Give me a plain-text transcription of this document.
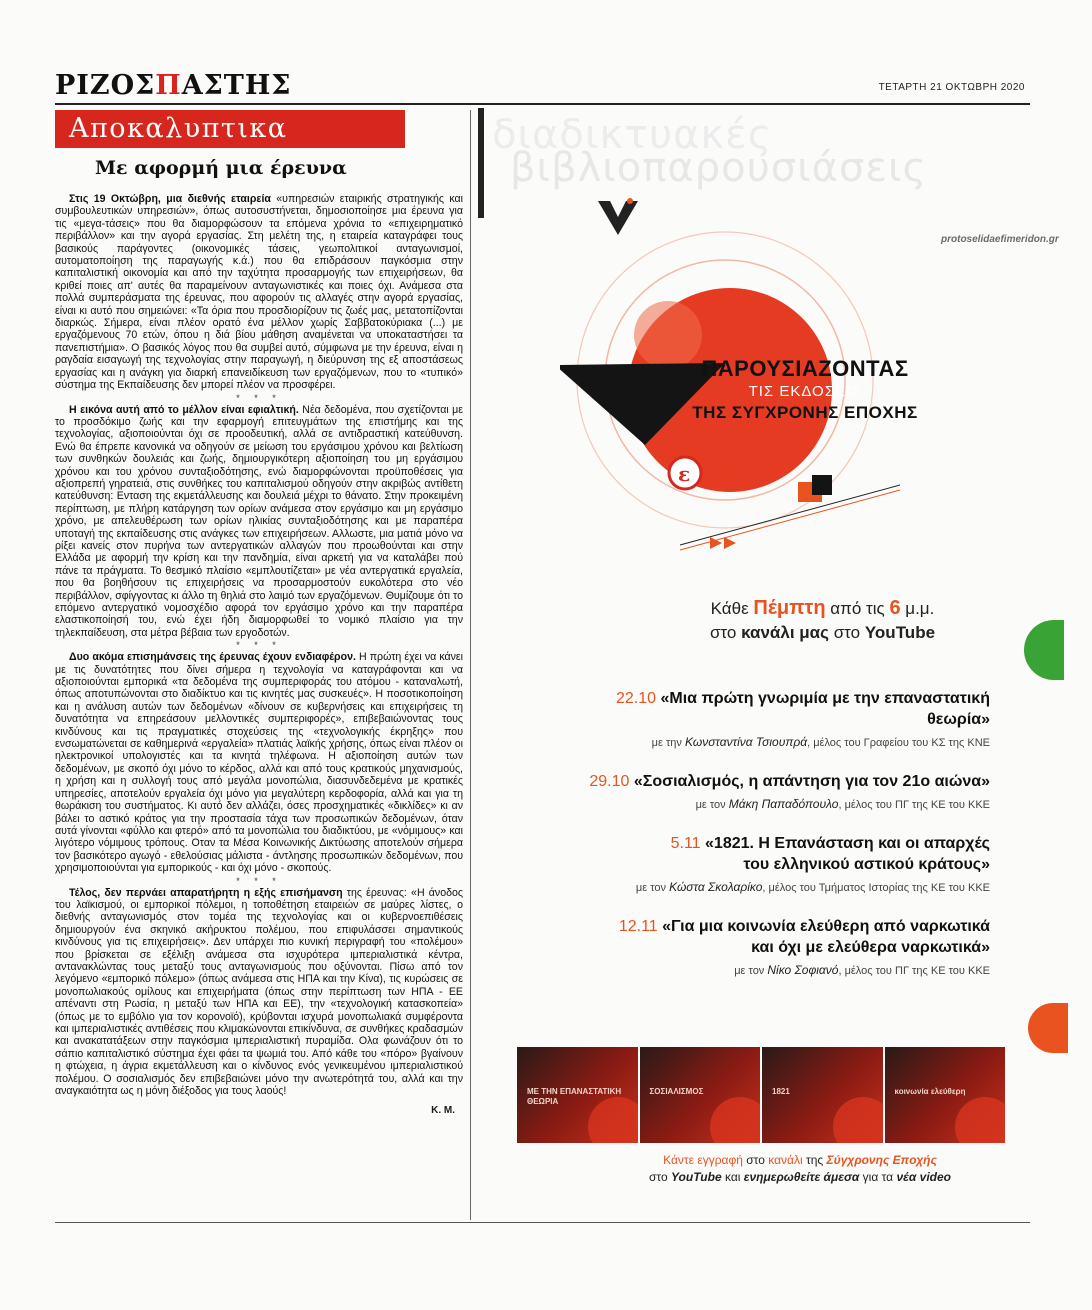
ΡΙΖΟΣΠΑΣΤΗΣ	ΤΕΤΑΡΤΗ 21 ΟΚΤΩΒΡΗ 2020
Αποκαλυπτικα
Με αφορμή μια έρευνα

Στις 19 Οκτώβρη, μια διεθνής εταιρεία «υπηρεσιών εταιρικής στρατηγικής και συμβουλευτικών υπηρεσιών», όπως αυτοσυστήνεται, δημοσιοποίησε μια έρευνα για τις «μεγα-τάσεις» που θα διαμορφώσουν τα επόμενα χρόνια το «επιχειρηματικό περιβάλλον» και την αγορά εργασίας. Στη μελέτη της, η εταιρεία καταγράφει τους βασικούς παράγοντες (οικονομικές τάσεις, γεωπολιτικοί ανταγωνισμοί, αυτοματοποίηση της παραγωγής κ.ά.) που θα επιδράσουν παγκόσμια στην καπιταλιστική οικονομία και από την ταχύτητα προσαρμογής των επιχειρήσεων, θα κριθεί ποιες απ' αυτές θα παραμείνουν ανταγωνιστικές και ποιες όχι. Ανάμεσα στα πολλά συμπεράσματα της έρευνας, που αφορούν τις αλλαγές στην αγορά εργασίας, είναι κι αυτό που σημειώνει: «Τα όρια που προσδιορίζουν τις ζωές μας, μετατοπίζονται διαρκώς. Σήμερα, είναι πλέον ορατό ένα μέλλον χωρίς Σαββατοκύριακα (...) με εργαζόμενους 70 ετών, όπου η διά βίου μάθηση αναμένεται να υποκαταστήσει τα πανεπιστήμια». Ο βασικός λόγος που θα συμβεί αυτό, σύμφωνα με την έρευνα, είναι η ραγδαία εισαγωγή της τεχνολογίας στην παραγωγή, η διεύρυνση της εξ αποστάσεως εργασίας και η ανάγκη για διαρκή επανειδίκευση των εργαζόμενων, που το «τυπικό» σύστημα της Εκπαίδευσης δεν μπορεί πλέον να προσφέρει.

* * *

Η εικόνα αυτή από το μέλλον είναι εφιαλτική. Νέα δεδομένα, που σχετίζονται με το προσδόκιμο ζωής και την εφαρμογή επιτευγμάτων της επιστήμης και της τεχνολογίας, αξιοποιούνται όχι σε προοδευτική, αλλά σε αντιδραστική κατεύθυνση. Ενώ θα έπρεπε κανονικά να οδηγούν σε μείωση του εργάσιμου χρόνου και βελτίωση των συνθηκών δουλειάς και ζωής, δημιουργικότερη αξιοποίηση του μη εργάσιμου χρόνου και του χρόνου συνταξιοδότησης, ενώ διαμορφώνονται προϋποθέσεις για αξιοπρεπή γηρατειά, στις συνθήκες του καπιταλισμού οδηγούν στην ακριβώς αντίθετη κατεύθυνση: Ενταση της εκμετάλλευσης και δουλειά μέχρι το θάνατο. Στην προκειμένη περίπτωση, με πλήρη κατάργηση των ορίων ανάμεσα στον εργάσιμο και μη εργάσιμο χρόνο, με απελευθέρωση των ορίων ηλικίας συνταξιοδότησης και με παραπέρα υποταγή της εκπαίδευσης στις ανάγκες των επιχειρήσεων. Αλλωστε, μια ματιά μόνο να ρίξει κανείς στον πυρήνα των αντεργατικών αλλαγών που προωθούνται και στην Ελλάδα με αφορμή την κρίση και την πανδημία, είναι αρκετή για να καταλάβει πού πάνε τα πράγματα. Το θεσμικό πλαίσιο «εμπλουτίζεται» με νέα αντεργατικά εργαλεία, που θα βοηθήσουν τις επιχειρήσεις να προσαρμοστούν ευκολότερα στο νέο περιβάλλον, σφίγγοντας κι άλλο τη θηλιά στο λαιμό των εργαζόμενων. Θυμίζουμε ότι το επόμενο αντεργατικό νομοσχέδιο αφορά τον εργάσιμο χρόνο και την παραπέρα ελαστικοποίησή του, ενώ έχει ήδη διαμορφωθεί το νομικό πλαίσιο για την τηλεκπαίδευση, στα μέτρα βέβαια των εργοδοτών.

* * *

Δυο ακόμα επισημάνσεις της έρευνας έχουν ενδιαφέρον. Η πρώτη έχει να κάνει με τις δυνατότητες που δίνει σήμερα η τεχνολογία να καταγράφονται και να αξιοποιούνται εμπορικά «τα δεδομένα της συμπεριφοράς του ατόμου - καταναλωτή, όπως αποτυπώνονται στο διαδίκτυο και τις κινητές μας συσκευές». Η ποσοτικοποίηση και η ανάλυση αυτών των δεδομένων «δίνουν σε κυβερνήσεις και επιχειρήσεις τη δυνατότητα να επηρεάσουν μελλοντικές συμπεριφορές», επιβεβαιώνοντας τους κινδύνους και τις πραγματικές στοχεύσεις της «τεχνολογικής έκρηξης» που ενσωματώνεται σε καθημερινά «εργαλεία» πλατιάς λαϊκής χρήσης, όπως είναι πλέον οι ηλεκτρονικοί υπολογιστές και τα κινητά τηλέφωνα. Η αξιοποίηση αυτών των δεδομένων, με σκοπό όχι μόνο το κέρδος, αλλά και από τους κρατικούς μηχανισμούς, η χρήση και η συλλογή τους από μεγάλα μονοπώλια, διασυνδεδεμένα με κρατικές υπηρεσίες, αποτελούν εργαλεία όχι μόνο για μεγαλύτερη κερδοφορία, αλλά και για τη θωράκιση του συστήματος. Κι αυτό δεν αλλάζει, όσες προσχηματικές «δικλίδες» κι αν βάλει το αστικό κράτος για την προστασία τάχα των προσωπικών δεδομένων, όταν αυτά γίνονται «φύλλο και φτερό» από τα μονοπώλια του διαδικτύου, με «νόμιμους» και λιγότερο νόμιμους τρόπους. Οταν τα Μέσα Κοινωνικής Δικτύωσης αποτελούν σήμερα τον βασικότερο αγωγό - εθελούσιας μάλιστα - άντλησης προσωπικών δεδομένων, που χρησιμοποιούνται για εμπορικούς - και όχι μόνο - σκοπούς.

* * *

Τέλος, δεν περνάει απαρατήρητη η εξής επισήμανση της έρευνας: «Η άνοδος του λαϊκισμού, οι εμπορικοί πόλεμοι, η τοποθέτηση εταιρειών σε μαύρες λίστες, ο διεθνής ανταγωνισμός στον τομέα της τεχνολογίας και οι κυβερνοεπιθέσεις δημιουργούν ένα σκηνικό ακήρυκτου πολέμου, που επιφυλάσσει σημαντικούς κινδύνους για τις επιχειρήσεις». Δεν υπάρχει πιο κυνική περιγραφή του «πολέμου» που βρίσκεται σε εξέλιξη ανάμεσα στα ισχυρότερα ιμπεριαλιστικά κέντρα, αντανακλώντας τους μεταξύ τους ανταγωνισμούς που οξύνονται. Πίσω από τον λεγόμενο «εμπορικό πόλεμο» (όπως ανάμεσα στις ΗΠΑ και την Κίνα), τις κυρώσεις σε μονοπωλιακούς ομίλους και επιχειρήματα (όπως στην περίπτωση των ΗΠΑ - ΕΕ απέναντι στη Ρωσία, η μεταξύ των ΗΠΑ και ΕΕ), την «τεχνολογική κατασκοπεία» (όπως με το εμβόλιο για τον κορονοϊό), κρύβονται ισχυρά μονοπωλιακά συμφέροντα και ιμπεριαλιστικές αντιθέσεις που κλιμακώνονται επικίνδυνα, σε συνθήκες κραδασμών και ανακατατάξεων στην παγκόσμια ιμπεριαλιστική πυραμίδα. Ολα φωνάζουν ότι το σάπιο καπιταλιστικό σύστημα έχει φάει τα ψωμιά του. Από κάθε του «πόρο» βγαίνουν η φτώχεια, η άγρια εκμετάλλευση και ο κίνδυνος ενός γενικευμένου ιμπεριαλιστικού πολέμου. Ο σοσιαλισμός δεν επιβεβαιώνει μόνο την ανωτερότητά του, αλλά και την αναγκαιότητα ως η μόνη διέξοδος για τους λαούς!

Κ. Μ.
διαδικτυακές
βιβλιοπαρουσιάσεις
protoselidaefimeridon.gr
ε
ΠΑΡΟΥΣΙΑΖΟΝΤΑΣ
ΤΙΣ ΕΚΔΟΣΕΙΣ
ΤΗΣ ΣΥΓΧΡΟΝΗΣ ΕΠΟΧΗΣ
Κάθε Πέμπτη από τις 6 μ.μ.
στο κανάλι μας στο YouTube
22.10 «Μια πρώτη γνωριμία με την επαναστατική
θεωρία»
με την Κωνσταντίνα Τσιουπρά, μέλος του Γραφείου του ΚΣ της ΚΝΕ
29.10 «Σοσιαλισμός, η απάντηση για τον 21ο αιώνα»
με τον Μάκη Παπαδόπουλο, μέλος του ΠΓ της ΚΕ του ΚΚΕ
5.11 «1821. Η Επανάσταση και οι απαρχές
του ελληνικού αστικού κράτους»
με τον Κώστα Σκολαρίκο, μέλος του Τμήματος Ιστορίας της ΚΕ του ΚΚΕ
12.11 «Για μια κοινωνία ελεύθερη από ναρκωτικά
και όχι με ελεύθερα ναρκωτικά»
με τον Νίκο Σοφιανό, μέλος του ΠΓ της ΚΕ του ΚΚΕ
ΜΕ ΤΗΝ ΕΠΑΝΑΣΤΑΤΙΚΗ ΘΕΩΡΙΑ
ΣΟΣΙΑΛΙΣΜΟΣ	1821	κοινωνία ελεύθερη
Κάντε εγγραφή στο κανάλι της Σύγχρονης Εποχής
στο YouTube και ενημερωθείτε άμεσα για τα νέα video
